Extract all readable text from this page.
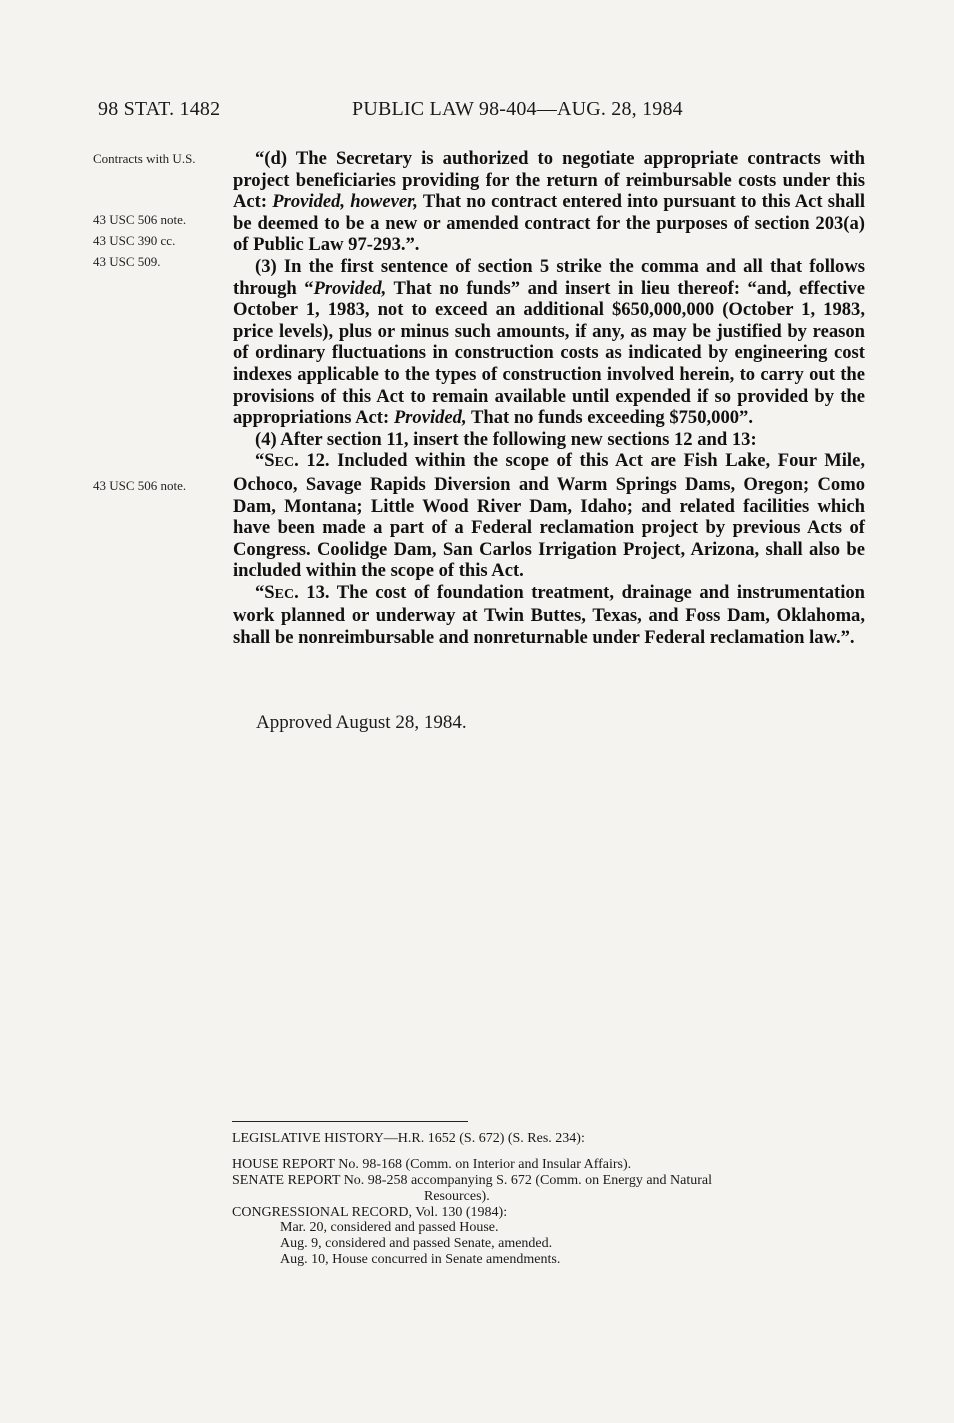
98 STAT. 1482	PUBLIC LAW 98-404—AUG. 28, 1984
Contracts with U.S.
43 USC 506 note.
43 USC 390 cc.
43 USC 509.
43 USC 506 note.

“(d) The Secretary is authorized to negotiate appropriate contracts with project beneficiaries providing for the return of reimbursable costs under this Act: Provided, however, That no contract entered into pursuant to this Act shall be deemed to be a new or amended contract for the purposes of section 203(a) of Public Law 97-293.”.

(3) In the first sentence of section 5 strike the comma and all that follows through “Provided, That no funds” and insert in lieu thereof: “and, effective October 1, 1983, not to exceed an additional $650,000,000 (October 1, 1983, price levels), plus or minus such amounts, if any, as may be justified by reason of ordinary fluctuations in construction costs as indicated by engineering cost indexes applicable to the types of construction involved herein, to carry out the provisions of this Act to remain available until expended if so provided by the appropriations Act: Provided, That no funds exceeding $750,000”.

(4) After section 11, insert the following new sections 12 and 13:

“SEC. 12. Included within the scope of this Act are Fish Lake, Four Mile, Ochoco, Savage Rapids Diversion and Warm Springs Dams, Oregon; Como Dam, Montana; Little Wood River Dam, Idaho; and related facilities which have been made a part of a Federal reclamation project by previous Acts of Congress. Coolidge Dam, San Carlos Irrigation Project, Arizona, shall also be included within the scope of this Act.

“SEC. 13. The cost of foundation treatment, drainage and instrumentation work planned or underway at Twin Buttes, Texas, and Foss Dam, Oklahoma, shall be nonreimbursable and nonreturnable under Federal reclamation law.”.

Approved August 28, 1984.
LEGISLATIVE HISTORY—H.R. 1652 (S. 672) (S. Res. 234):
HOUSE REPORT No. 98-168 (Comm. on Interior and Insular Affairs).
SENATE REPORT No. 98-258 accompanying S. 672 (Comm. on Energy and Natural
Resources).
CONGRESSIONAL RECORD, Vol. 130 (1984):
Mar. 20, considered and passed House.
Aug. 9, considered and passed Senate, amended.
Aug. 10, House concurred in Senate amendments.
